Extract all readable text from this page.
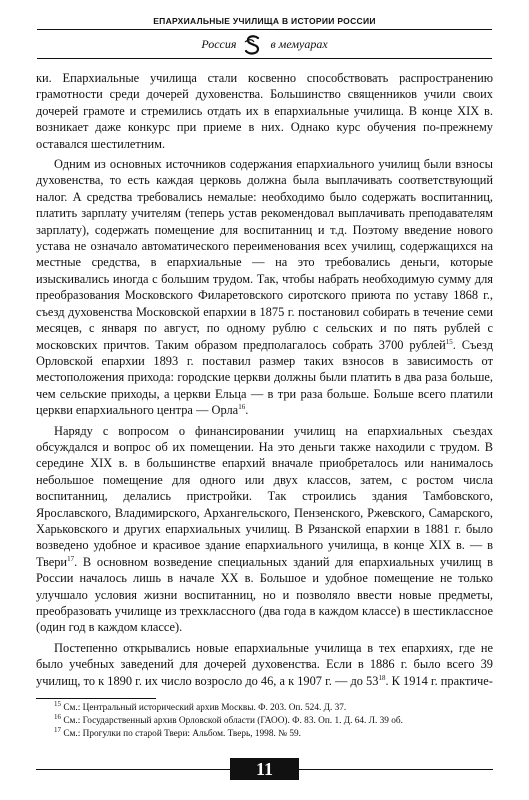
ЕПАРХИАЛЬНЫЕ УЧИЛИЩА В ИСТОРИИ РОССИИ
Россия	в мемуарах

ки. Епархиальные училища стали косвенно способствовать распространению грамотности среди дочерей духовенства. Большинство священников учили своих дочерей грамоте и стремились отдать их в епархиальные училища. В конце XIX в. возникает даже конкурс при приеме в них. Однако курс обучения по-прежнему оставался шестилетним.

Одним из основных источников содержания епархиального училищ были взносы духовенства, то есть каждая церковь должна была выплачивать соответствующий налог. А средства требовались немалые: необходимо было содержать воспитанниц, платить зарплату учителям (теперь устав рекомендовал выплачивать преподавателям зарплату), содержать помещение для воспитанниц и т.д. Поэтому введение нового устава не означало автоматического переименования всех училищ, содержащихся на местные средства, в епархиальные — на это требовались деньги, которые изыскивались иногда с большим трудом. Так, чтобы набрать необходимую сумму для преобразования Московского Филаретовского сиротского приюта по уставу 1868 г., съезд духовенства Московской епархии в 1875 г. постановил собирать в течение семи месяцев, с января по август, по одному рублю с сельских и по пять рублей с московских причтов. Таким образом предполагалось собрать 3700 рублей$^{15}$. Съезд Орловской епархии 1893 г. поставил размер таких взносов в зависимость от местоположения прихода: городские церкви должны были платить в два раза больше, чем сельские приходы, а церкви Ельца — в три раза больше. Больше всего платили церкви епархиального центра — Орла$^{16}$.

Наряду с вопросом о финансировании училищ на епархиальных съездах обсуждался и вопрос об их помещении. На это деньги также находили с трудом. В середине XIX в. в большинстве епархий вначале приобреталось или нанималось небольшое помещение для одного или двух классов, затем, с ростом числа воспитанниц, делались пристройки. Так строились здания Тамбовского, Ярославского, Владимирского, Архангельского, Пензенского, Ржевского, Самарского, Харьковского и других епархиальных училищ. В Рязанской епархии в 1881 г. было возведено удобное и красивое здание епархиального училища, в конце XIX в. — в Твери$^{17}$. В основном возведение специальных зданий для епархиальных училищ в России началось лишь в начале XX в. Большое и удобное помещение не только улучшало условия жизни воспитанниц, но и позволяло ввести новые предметы, преобразовать училище из трехклассного (два года в каждом классе) в шестиклассное (один год в каждом классе).

Постепенно открывались новые епархиальные училища в тех епархиях, где не было учебных заведений для дочерей духовенства. Если в 1886 г. было всего 39 училищ, то к 1890 г. их число возросло до 46, а к 1907 г. — до $53^{18}$. К 1914 г. практиче-

$^{15}$ См.: Центральный исторический архив Москвы. Ф. 203. Оп. 524. Д. 37.
$^{16}$ См.: Государственный архив Орловской области (ГАОО). Ф. 83. Оп. 1. Д. 64. Л. 39 об.
$^{17}$ См.: Прогулки по старой Твери: Альбом. Тверь, 1998. № 59.
11
